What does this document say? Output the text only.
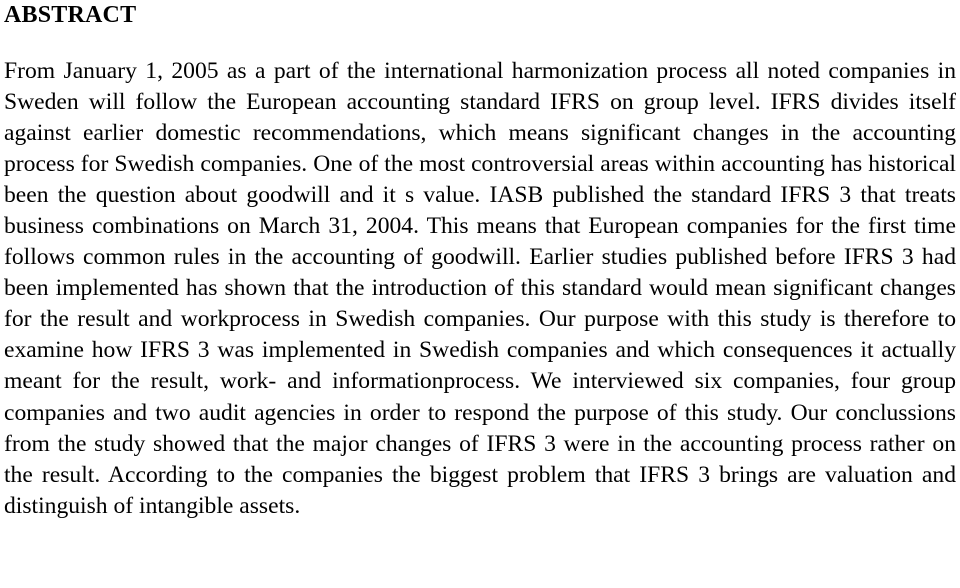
ABSTRACT

From January 1, 2005 as a part of the international harmonization process all noted companies in Sweden will follow the European accounting standard IFRS on group level. IFRS divides itself against earlier domestic recommendations, which means significant changes in the accounting process for Swedish companies. One of the most controversial areas within accounting has historical been the question about goodwill and it s value. IASB published the standard IFRS 3 that treats business combinations on March 31, 2004. This means that European companies for the first time follows common rules in the accounting of goodwill. Earlier studies published before IFRS 3 had been implemented has shown that the introduction of this standard would mean significant changes for the result and workprocess in Swedish companies. Our purpose with this study is therefore to examine how IFRS 3 was implemented in Swedish companies and which consequences it actually meant for the result, work- and informationprocess. We interviewed six companies, four group companies and two audit agencies in order to respond the purpose of this study. Our conclussions from the study showed that the major changes of IFRS 3 were in the accounting process rather on the result. According to the companies the biggest problem that IFRS 3 brings are valuation and distinguish of intangible assets.
